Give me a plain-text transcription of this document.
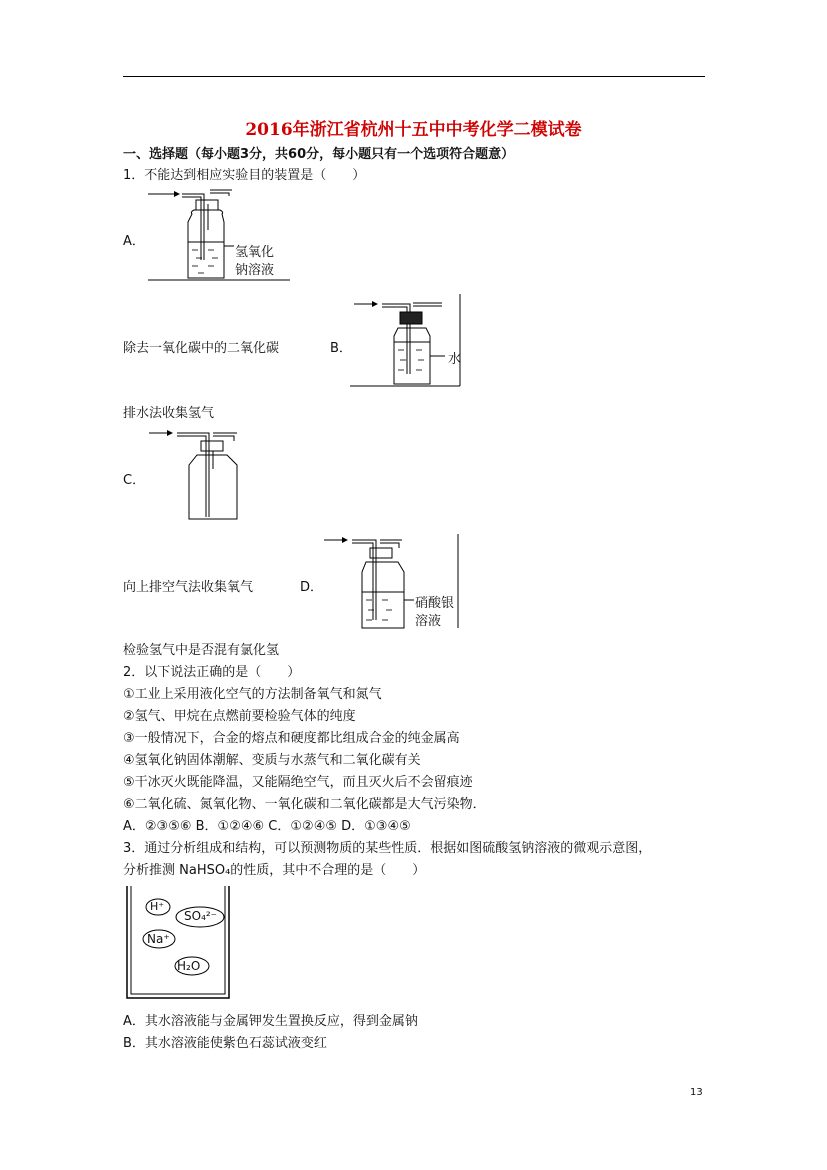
2016年浙江省杭州十五中中考化学二模试卷
一、选择题（每小题3分，共60分，每小题只有一个选项符合题意）
1．不能达到相应实验目的装置是（　　）
A．
氢氧化
钠溶液
除去一氧化碳中的二氧化碳	B．
水
排水法收集氢气
C．
向上排空气法收集氧气	D．
硝酸银
溶液
检验氢气中是否混有氯化氢
2．以下说法正确的是（　　）
①工业上采用液化空气的方法制备氧气和氮气
②氢气、甲烷在点燃前要检验气体的纯度
③一般情况下，合金的熔点和硬度都比组成合金的纯金属高
④氢氧化钠固体潮解、变质与水蒸气和二氧化碳有关
⑤干冰灭火既能降温，又能隔绝空气，而且灭火后不会留痕迹
⑥二氧化硫、氮氧化物、一氧化碳和二氧化碳都是大气污染物．
A．②③⑤⑥ B．①②④⑥ C．①②④⑤ D．①③④⑤
3．通过分析组成和结构，可以预测物质的某些性质．根据如图硫酸氢钠溶液的微观示意图，
分析推测 NaHSO₄的性质，其中不合理的是（　　）
H⁺
SO₄²⁻
Na⁺
H₂O
A．其水溶液能与金属钾发生置换反应，得到金属钠
B．其水溶液能使紫色石蕊试液变红
13
